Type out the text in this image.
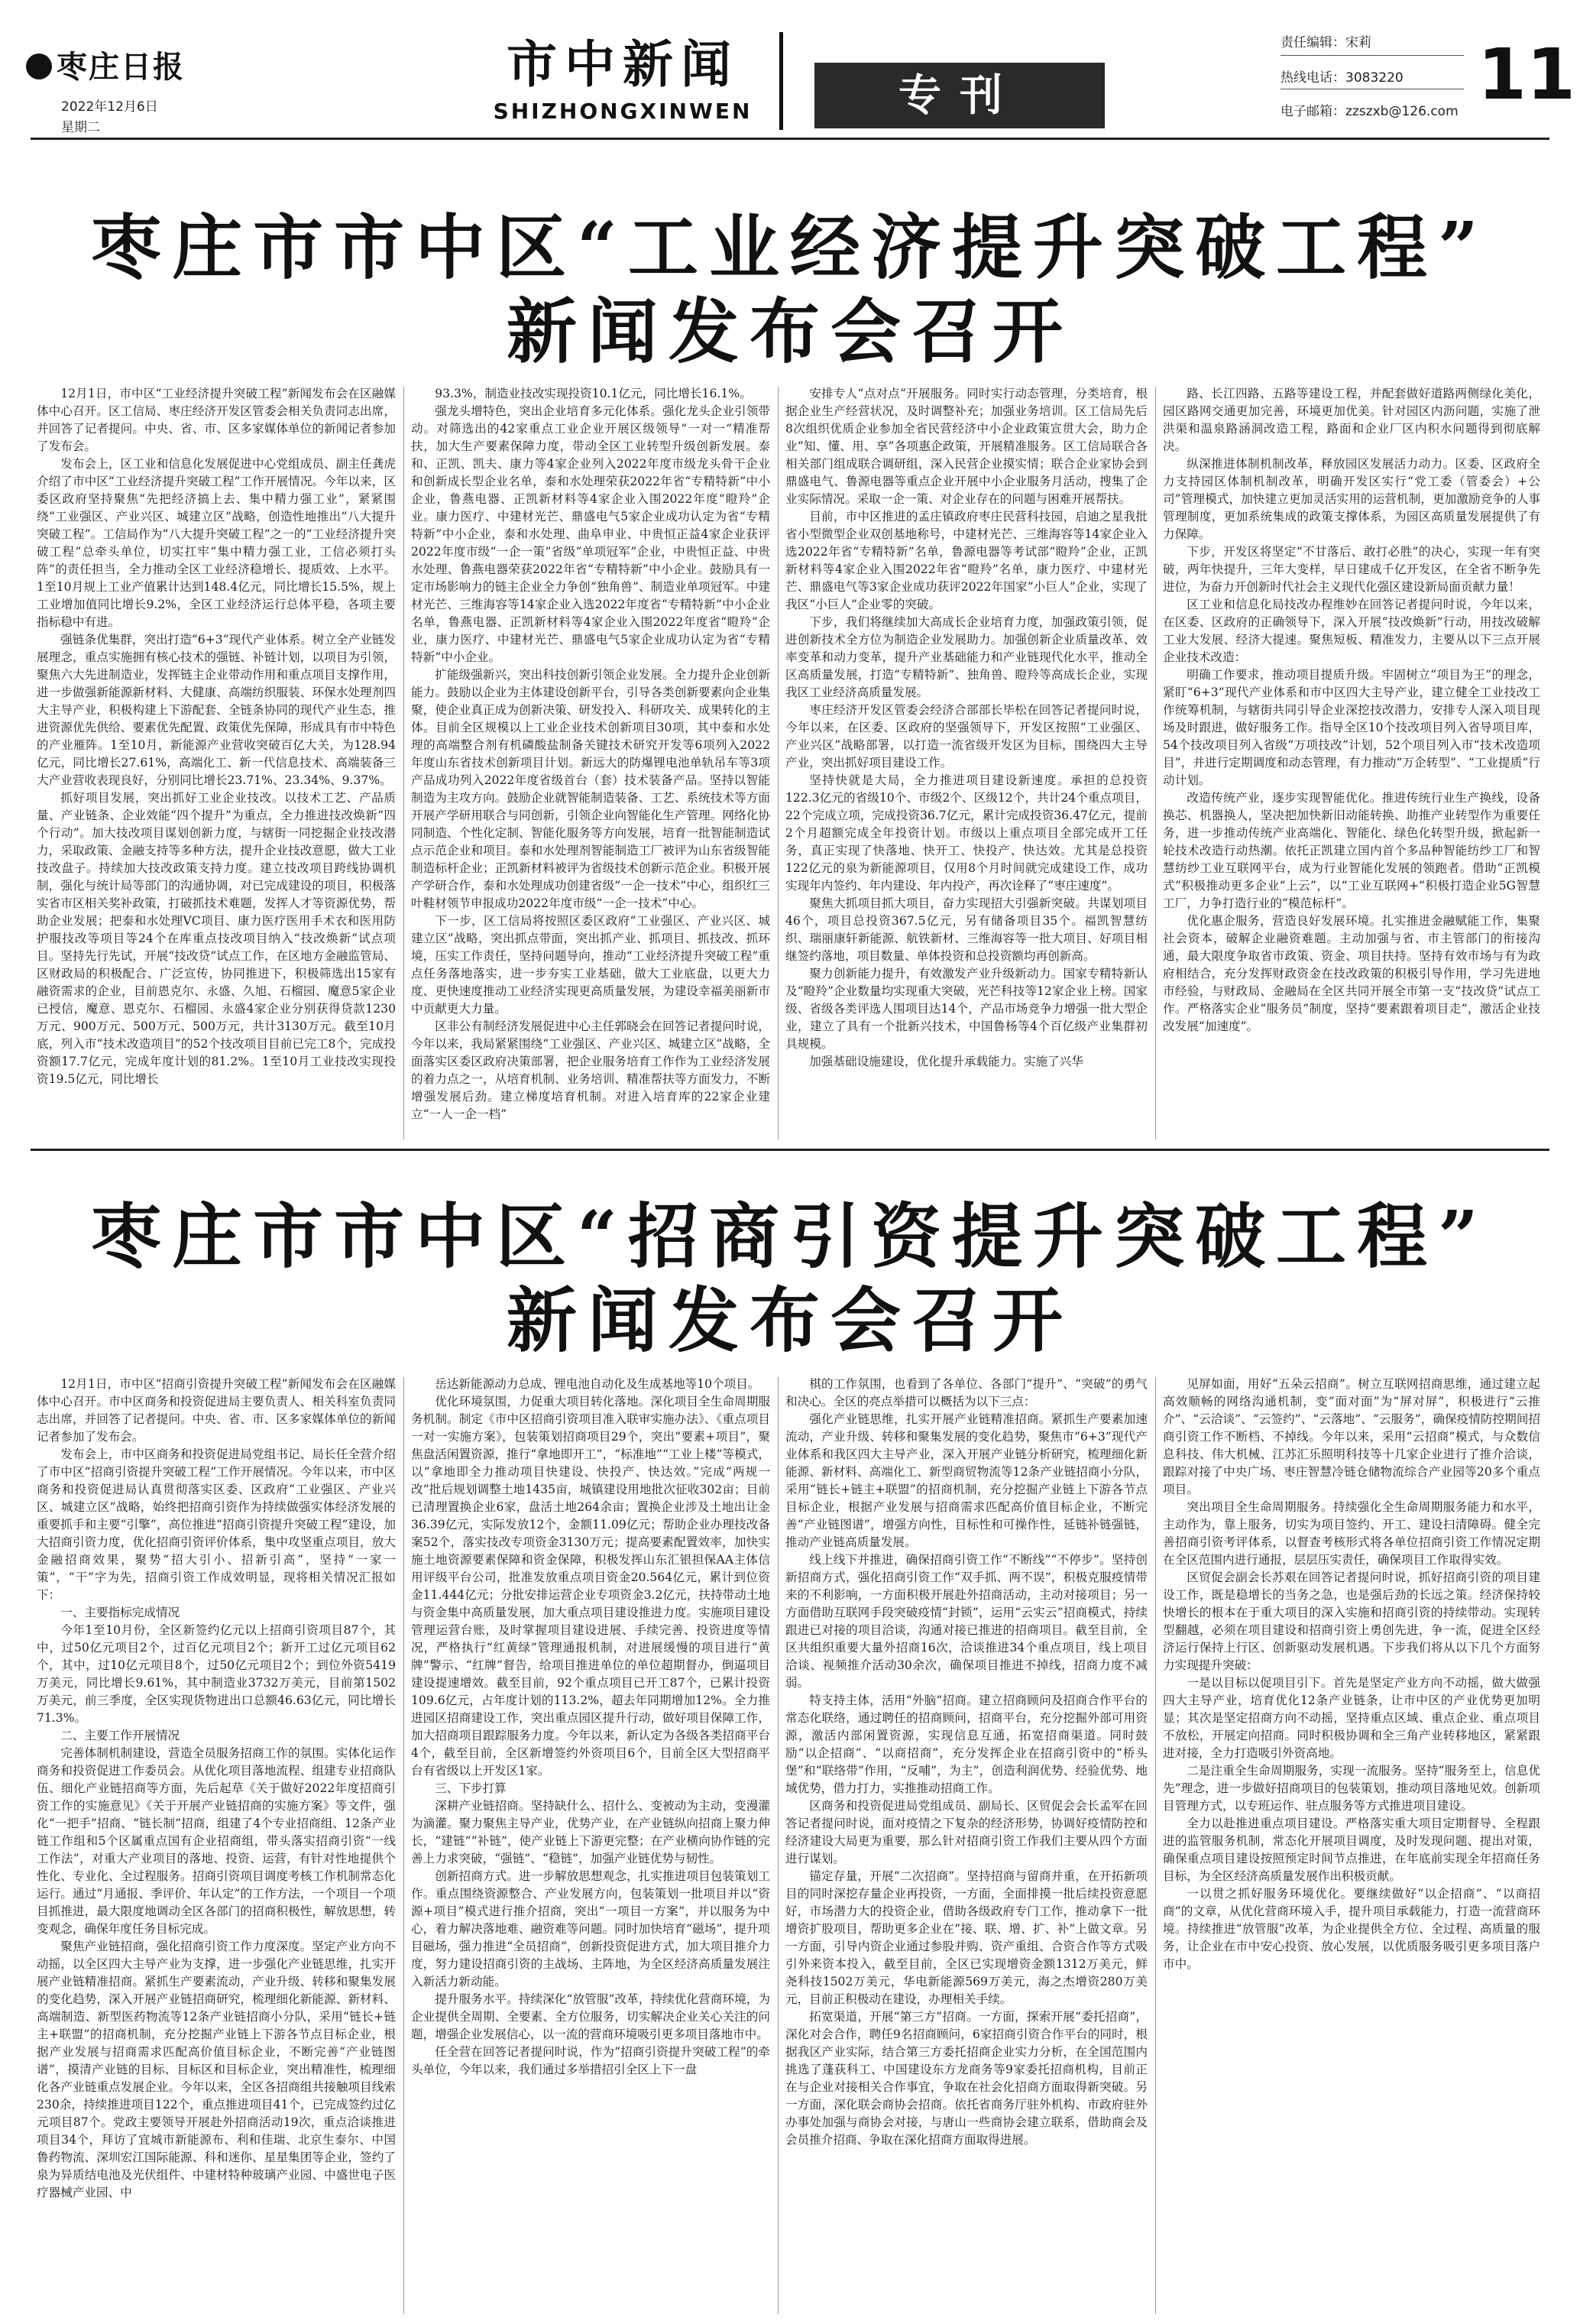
枣庄日报
2022年12月6日
星期二
市中新闻
SHIZHONGXINWEN	专刊
责任编辑：宋莉
热线电话：3083220
电子邮箱：zzszxb@126.com 11
枣庄市市中区“工业经济提升突破工程”
新闻发布会召开

12月1日，市中区“工业经济提升突破工程”新闻发布会在区融媒体中心召开。区工信局、枣庄经济开发区管委会相关负责同志出席，并回答了记者提问。中央、省、市、区多家媒体单位的新闻记者参加了发布会。

发布会上，区工业和信息化发展促进中心党组成员、副主任龚虎介绍了市中区“工业经济提升突破工程”工作开展情况。今年以来，区委区政府坚持聚焦“先把经济搞上去、集中精力强工业”，紧紧围绕“工业强区、产业兴区、城建立区”战略，创造性地推出“八大提升突破工程”。工信局作为“八大提升突破工程”之一的“工业经济提升突破工程”总牵头单位，切实扛牢“集中精力强工业，工信必须打头阵”的责任担当，全力推动全区工业经济稳增长、提质效、上水平。1至10月规上工业产值累计达到148.4亿元，同比增长15.5%，规上工业增加值同比增长9.2%，全区工业经济运行总体平稳，各项主要指标稳中有进。

强链条优集群，突出打造“6+3”现代产业体系。树立全产业链发展理念，重点实施拥有核心技术的强链、补链计划，以项目为引领，聚焦六大先进制造业，发挥链主企业带动作用和重点项目支撑作用，进一步做强新能源新材料、大健康、高端纺织服装、环保水处理剂四大主导产业，积极构建上下游配套、全链条协同的现代产业生态，推进资源优先供给、要素优先配置、政策优先保障，形成具有市中特色的产业雁阵。1至10月，新能源产业营收突破百亿大关，为128.94亿元，同比增长27.61%，高端化工、新一代信息技术、高端装备三大产业营收表现良好，分别同比增长23.71%、23.34%、9.37%。

抓好项目发展，突出抓好工业企业技改。以技术工艺、产品质量、产业链条、企业效能“四个提升”为重点，全力推进技改焕新“四个行动”。加大技改项目谋划创新力度，与辖街一同挖掘企业技改潜力，采取政策、金融支持等多种方法，提升企业技改意愿，做大工业技改盘子。持续加大技改政策支持力度。建立技改项目跨线协调机制，强化与统计局等部门的沟通协调，对已完成建设的项目，积极落实省市区相关奖补政策，打破抓技术难题，发挥人才等资源优势，帮助企业发展；把泰和水处理VC项目、康力医疗医用手术衣和医用防护服技改等项目等24个在库重点技改项目纳入“技改焕新”试点项目。坚持先行先试，开展“技改贷”试点工作，在区地方金融监管局、区财政局的积极配合、广泛宣传，协同推进下，积极筛选出15家有融资需求的企业，目前恩克尔、永盛、久旭、石榴园、魔意5家企业已授信，魔意、恩克尔、石榴园、永盛4家企业分别获得贷款1230万元、900万元、500万元、500万元，共计3130万元。截至10月底，列入市“技术改造项目”的52个技改项目目前已完工8个，完成投资额17.7亿元，完成年度计划的81.2%。1至10月工业技改实现投资19.5亿元，同比增长

93.3%，制造业技改实现投资10.1亿元，同比增长16.1%。

强龙头增特色，突出企业培育多元化体系。强化龙头企业引领带动。对筛选出的42家重点工业企业开展区级领导“一对一”精准帮扶，加大生产要素保障力度，带动全区工业转型升级创新发展。泰和、正凯、凯夫、康力等4家企业列入2022年度市级龙头骨干企业和创新成长型企业名单，泰和水处理荣获2022年省“专精特新”中小企业，鲁燕电器、正凯新材料等4家企业入围2022年度“瞪羚”企业。康力医疗、中建材光芒、鼎盛电气5家企业成功认定为省“专精特新”中小企业，泰和水处理、曲阜申业、中贵恒正益4家企业获评2022年度市级“一企一策”省级“单项冠军”企业，中贵恒正益、中贵水处理、鲁燕电器荣获2022年省“专精特新”中小企业。鼓励具有一定市场影响力的链主企业全力争创“独角兽”、制造业单项冠军。中建材光芒、三维海容等14家企业入选2022年度省“专精特新”中小企业名单，鲁燕电器、正凯新材料等4家企业入围2022年度省“瞪羚”企业，康力医疗、中建材光芒、鼎盛电气5家企业成功认定为省“专精特新”中小企业。

扩能级强新兴，突出科技创新引领企业发展。全力提升企业创新能力。鼓励以企业为主体建设创新平台，引导各类创新要素向企业集聚，使企业真正成为创新决策、研发投入、科研攻关、成果转化的主体。目前全区规模以上工业企业技术创新项目30项，其中泰和水处理的高端整合剂有机磷酸盐制备关键技术研究开发等6项列入2022年度山东省技术创新项目计划。新远大的防爆锂电池单轨吊车等3项产品成功列入2022年度省级首台（套）技术装备产品。坚持以智能制造为主攻方向。鼓励企业就智能制造装备、工艺、系统技术等方面开展产学研用联合与同创新，引领企业向智能化生产管理。网络化协同制造、个性化定制、智能化服务等方向发展，培育一批智能制造试点示范企业和项目。泰和水处理剂智能制造工厂被评为山东省级智能制造标杆企业；正凯新材料被评为省级技术创新示范企业。积极开展产学研合作，泰和水处理成功创建省级“一企一技术”中心，组织红三叶鞋材领节申报成功2022年度市级“一企一技术”中心。

下一步，区工信局将按照区委区政府“工业强区、产业兴区、城建立区”战略，突出抓点带面，突出抓产业、抓项目、抓技改、抓环境，压实工作责任，坚持问题导向，推动“工业经济提升突破工程”重点任务落地落实，进一步夯实工业基础，做大工业底盘，以更大力度、更快速度推动工业经济实现更高质量发展，为建设幸福美丽新市中贡献更大力量。

区非公有制经济发展促进中心主任郭晓会在回答记者提问时说，今年以来，我局紧紧围绕“工业强区、产业兴区、城建立区”战略，全面落实区委区政府决策部署，把企业服务培育工作作为工业经济发展的着力点之一，从培育机制、业务培训、精准帮扶等方面发力，不断增强发展后劲。建立梯度培育机制。对进入培育库的22家企业建立“一人一企一档”

安排专人“点对点”开展服务。同时实行动态管理，分类培育，根据企业生产经营状况，及时调整补充；加强业务培训。区工信局先后8次组织优质企业参加全省民营经济中小企业政策宣贯大会，助力企业“知、懂、用、享”各项惠企政策，开展精准服务。区工信局联合各相关部门组成联合调研组，深入民营企业摸实情；联合企业家协会到鼎盛电气、鲁源电器等重点企业开展中小企业服务月活动，搜集了企业实际情况。采取一企一策、对企业存在的问题与困难开展帮扶。

目前，市中区推进的孟庄镇政府枣庄民营科技园，启迪之星我批省小型微型企业双创基地称号，中建材光芒、三维海容等14家企业入选2022年省“专精特新”名单，鲁源电器等考试部“瞪羚”企业，正凯新材料等4家企业入围2022年省“瞪羚”名单，康力医疗、中建材光芒、鼎盛电气等3家企业成功获评2022年国家“小巨人”企业，实现了我区“小巨人”企业零的突破。

下步，我们将继续加大高成长企业培育力度，加强政策引领，促进创新技术全方位为制造企业发展助力。加强创新企业质量改革、效率变革和动力变革，提升产业基础能力和产业链现代化水平，推动全区高质量发展，打造“专精特新”、独角兽、瞪羚等高成长企业，实现我区工业经济高质量发展。

枣庄经济开发区管委会经济合部部长毕松在回答记者提问时说，今年以来，在区委、区政府的坚强领导下，开发区按照“工业强区、产业兴区”战略部署，以打造一流省级开发区为目标，围绕四大主导产业，突出抓好项目建设工作。

坚持快就是大局，全力推进项目建设新速度。承担的总投资122.3亿元的省级10个、市级2个、区级12个，共计24个重点项目，22个完成立项，完成投资36.7亿元，累计完成投资36.47亿元，提前2个月超额完成全年投资计划。市级以上重点项目全部完成开工任务，真正实现了快落地、快开工、快投产、快达效。尤其是总投资122亿元的泉为新能源项目，仅用8个月时间就完成建设工作，成功实现年内签约、年内建设、年内投产，再次诠释了“枣庄速度”。

聚焦大抓项目抓大项目，奋力实现招大引强新突破。共谋划项目46个，项目总投资367.5亿元，另有储备项目35个。福凯智慧纺织、瑞丽康轩新能源、航铁新材、三维海容等一批大项目、好项目相继签约落地，项目数量、单体投资和总投资额均再创新高。

聚力创新能力提升，有效激发产业升级新动力。国家专精特新认及“瞪羚”企业数量均实现重大突破，光芒科技等12家企业上榜。国家级、省级各类评选人围项目达14个，产品市场竞争力增强一批大型企业，建立了具有一个批新兴技术，中国鲁杨等4个百亿级产业集群初具规模。

加强基础设施建设，优化提升承载能力。实施了兴华

路、长江四路、五路等建设工程，并配套做好道路两侧绿化美化，园区路网交通更加完善，环境更加优美。针对园区内沥问题，实施了泄洪渠和温泉路涵洞改造工程，路面和企业厂区内积水问题得到彻底解决。

纵深推进体制机制改革，释放园区发展活力动力。区委、区政府全力支持园区体制机制改革，明确开发区实行“党工委（管委会）+公司”管理模式，加快建立更加灵活实用的运营机制，更加激励竞争的人事管理制度，更加系统集成的政策支撑体系，为园区高质量发展提供了有力保障。

下步，开发区将坚定“不甘落后、敢打必胜”的决心，实现一年有突破，两年快提升，三年大变样，早日建成千亿开发区，在全省不断争先进位，为奋力开创新时代社会主义现代化强区建设新局面贡献力量！

区工业和信息化局技改办程维妙在回答记者提问时说，今年以来，在区委、区政府的正确领导下，深入开展“技改焕新”行动，用技改破解工业大发展、经济大提速。聚焦短板、精准发力，主要从以下三点开展企业技术改造：

明确工作要求，推动项目提质升级。牢固树立“项目为王”的理念，紧盯“6+3”现代产业体系和市中区四大主导产业，建立健全工业技改工作统筹机制，与辖街共同引导企业深挖技改潜力，安排专人深入项目现场及时跟进，做好服务工作。指导全区10个技改项目列入省导项目库，54个技改项目列入省级“万项技改”计划，52个项目列入市“技术改造项目”，并进行定期调度和动态管理，有力推动“万企转型”、“工业提质”行动计划。

改造传统产业，逐步实现智能优化。推进传统行业生产换线，设备换芯、机器换人，坚决把加快新旧动能转换、助推产业转型作为重要任务，进一步推动传统产业高端化、智能化、绿色化转型升级，掀起新一轮技术改造行动热潮。依托正凯建立国内首个多品种智能纺纱工厂和智慧纺纱工业互联网平台，成为行业智能化发展的领跑者。借助“正凯模式”积极推动更多企业“上云”，以“工业互联网+”积极打造企业5G智慧工厂，力争打造行业的“模范标杆”。

优化惠企服务，营造良好发展环境。扎实推进金融赋能工作，集聚社会资本，破解企业融资难题。主动加强与省、市主管部门的衔接沟通，最大限度争取省市政策、资金、项目扶持。坚持有效市场与有为政府相结合，充分发挥财政资金在技改政策的积极引导作用，学习先进地市经验，与财政局、金融局在全区共同开展全市第一支“技改贷”试点工作。严格落实企业“服务员”制度，坚持“要素跟着项目走”，激活企业技改发展“加速度”。

枣庄市市中区“招商引资提升突破工程”
新闻发布会召开

12月1日，市中区“招商引资提升突破工程”新闻发布会在区融媒体中心召开。市中区商务和投资促进局主要负责人、相关科室负责同志出席，并回答了记者提问。中央、省、市、区多家媒体单位的新闻记者参加了发布会。

发布会上，市中区商务和投资促进局党组书记、局长任全营介绍了市中区“招商引资提升突破工程”工作开展情况。今年以来，市中区商务和投资促进局认真贯彻落实区委、区政府“工业强区、产业兴区、城建立区”战略，始终把招商引资作为持续做强实体经济发展的重要抓手和主要“引擎”，高位推进“招商引资提升突破工程”建设，加大招商引资力度，优化招商引资评价体系，集中攻坚重点项目，放大金融招商效果，聚势“招大引小、招新引高”，坚持“一家一策”，“干”字为先，招商引资工作成效明显，现将相关情况汇报如下：

一、主要指标完成情况

今年1至10月份，全区新签约亿元以上招商引资项目87个，其中，过50亿元项目2个，过百亿元项目2个；新开工过亿元项目62个，其中，过10亿元项目8个，过50亿元项目2个；到位外资5419万美元，同比增长9.61%，其中制造业3732万美元，目前第1502万美元，前三季度，全区实现货物进出口总额46.63亿元，同比增长71.3%。

二、主要工作开展情况

完善体制机制建设，营造全员服务招商工作的氛围。实体化运作商务和投资促进工作委员会。从优化项目落地流程、组建专业招商队伍、细化产业链招商等方面，先后起草《关于做好2022年度招商引资工作的实施意见》《关于开展产业链招商的实施方案》等文件，强化“一把手”招商、“链长制”招商，组建了4个专业招商组、12条产业链工作组和5个区属重点国有企业招商组，带头落实招商引资“一线工作法”，对重大产业项目的落地、投资、运营，有针对性地提供个性化、专业化、全过程服务。招商引资项目调度考核工作机制常态化运行。通过“月通报、季评价、年认定”的工作方法，一个项目一个项目抓推进，最大限度地调动全区各部门的招商积极性，解放思想，转变观念，确保年度任务目标完成。

聚焦产业链招商，强化招商引资工作力度深度。坚定产业方向不动摇，以全区四大主导产业为支撑，进一步强化产业链思维，扎实开展产业链精准招商。紧抓生产要素流动，产业升级、转移和聚集发展的变化趋势，深入开展产业链招商研究，梳理细化新能源、新材料、高端制造、新型医药物流等12条产业链招商小分队，采用“链长+链主+联盟”的招商机制，充分挖掘产业链上下游各节点目标企业，根据产业发展与招商需求匹配高价值目标企业，不断完善“产业链图谱”，摸清产业链的目标、目标区和目标企业，突出精准性，梳理细化各产业链重点发展企业。今年以来，全区各招商组共接触项目线索230余，持续推进项目122个，重点推进项目41个，已完成签约过亿元项目87个。党政主要领导开展赴外招商活动19次，重点洽谈推进项目34个，拜访了宜城市新能源布、利和佳瑞、北京生泰尔、中国鲁药物流、深圳宏江国际能源、科和迷你、星星集团等企业，签约了泉为异质结电池及光伏组件、中建材特种玻璃产业园、中盛世电子医疗器械产业园、中

岳达新能源动力总成、锂电池自动化及生成基地等10个项目。

优化环境氛围，力促重大项目转化落地。深化项目全生命周期服务机制。制定《市中区招商引资项目准入联审实施办法》、《重点项目一对一实施方案》，包装策划招商项目29个，突出“要素+项目”，聚焦盘活闲置资源，推行“拿地即开工”，“标准地”“工业上楼”等模式，以“拿地即全力推动项目快建设、快投产、快达效。”完成“两规一改”批后规划调整土地1435亩，城镇建设用地批次征收302亩；目前已清理置换企业6家，盘活土地264余亩；置换企业涉及土地出让金36.39亿元，实际发放12个，金额11.09亿元；帮助企业办理技改备案52个，落实技改专项资金3130万元；提高要素配置效率，加快实施土地资源要素保障和资金保障，积极发挥山东汇银担保AA主体信用评级平台公司，批准发放重点项目资金20.564亿元，累计到位资金11.444亿元；分批安排运营企业专项资金3.2亿元，扶持带动土地与资金集中高质量发展，加大重点项目建设推进力度。实施项目建设管理运营台账，及时掌握项目建设进展、手续完善、投资进度等情况，严格执行“红黄绿”管理通报机制，对进展缓慢的项目进行“黄牌”警示、“红牌”督告，给项目推进单位的单位超期督办，倒逼项目建设提速增效。截至目前，92个重点项目已开工87个，已累计投资109.6亿元，占年度计划的113.2%，超去年同期增加12%。全力推进园区招商建设工作，突出重点园区提升行动，做好项目保障工作，加大招商项目跟踪服务力度。今年以来，新认定为各级各类招商平台4个，截至目前，全区新增签约外资项目6个，目前全区大型招商平台有省级以上开发区1家。

三、下步打算

深耕产业链招商。坚持缺什么、招什么、变被动为主动，变漫灌为滴灌。聚力聚焦主导产业，优势产业，在产业链纵向招商上聚力伸长，“建链”“补链”，使产业链上下游更完整；在产业横向协作链的完善上力求突破，“强链”、“稳链”，加强产业链优势与韧性。

创新招商方式。进一步解放思想观念，扎实推进项目包装策划工作。重点围绕资源整合、产业发展方向，包装策划一批项目并以“资源+项目”模式进行推介招商，突出“一项目一方案”，并以服务为中心，着力解决落地难、融资难等问题。同时加快培育“磁场”，提升项目磁场，强力推进“全员招商”，创新投资促进方式，加大项目推介力度，努力建设招商引资的主战场、主阵地，为全区经济高质量发展注入新活力新动能。

提升服务水平。持续深化“放管服”改革，持续优化营商环境，为企业提供全周期、全要素、全方位服务，切实解决企业关心关注的问题，增强企业发展信心，以一流的营商环境吸引更多项目落地市中。

任全营在回答记者提问时说，作为“招商引资提升突破工程”的牵头单位，今年以来，我们通过多举措招引全区上下一盘

棋的工作氛围，也看到了各单位、各部门“提升”、“突破”的勇气和决心。全区的亮点举措可以概括为以下三点：

强化产业链思维，扎实开展产业链精准招商。紧抓生产要素加速流动，产业升级、转移和聚集发展的变化趋势，聚焦市“6+3”现代产业体系和我区四大主导产业，深入开展产业链分析研究，梳理细化新能源、新材料、高端化工、新型商贸物流等12条产业链招商小分队，采用“链长+链主+联盟”的招商机制，充分挖掘产业链上下游各节点目标企业，根据产业发展与招商需求匹配高价值目标企业，不断完善“产业链图谱”，增强方向性，目标性和可操作性，延链补链强链，推动产业链高质量发展。

线上线下并推进，确保招商引资工作“不断线”“不停步”。坚持创新招商方式，强化招商引资工作“双手抓、两不误”，积极克服疫情带来的不利影响，一方面积极开展赴外招商活动，主动对接项目；另一方面借助互联网手段突破疫情“封锁”，运用“云实云”招商模式，持续跟进已对接的项目洽谈，沟通对接已推进的招商项目。截至目前，全区共组织重要大量外招商16次，洽谈推进34个重点项目，线上项目洽谈、视频推介活动30余次，确保项目推进不掉线，招商力度不减弱。

特支持主体，活用“外脑”招商。建立招商顾问及招商合作平台的常态化联络，通过聘任的招商顾问，招商平台，充分挖掘外部可用资源，激活内部闲置资源，实现信息互通，拓宽招商渠道。同时鼓励“以企招商”、“以商招商”，充分发挥企业在招商引资中的“桥头堡”和“联络带”作用，“反哺”，为主”，创造利润优势、经验优势、地域优势，借力打力，实推推动招商工作。

区商务和投资促进局党组成员、副局长、区贸促会会长孟军在回答记者提问时说，面对疫情之下复杂的经济形势，协调好疫情防控和经济建设大局更为重要，那么针对招商引资工作我们主要从四个方面进行谋划。

锚定存量，开展“二次招商”。坚持招商与留商并重，在开拓新项目的同时深挖存量企业再投资，一方面，全面排摸一批后续投资意愿好，市场潜力大的投资企业，借助各级政府专门工作，推动拿下一批增资扩股项目，帮助更多企业在“接、联、增、扩、补”上做文章。另一方面，引导内资企业通过参股并购、资产重组、合资合作等方式吸引外来资本投入，截至目前，全区已实现增资金额1312万美元，鲜尧科技1502万美元，华电新能源569万美元，海之杰增资280万美元，目前正积极动在建设，办理相关手续。

拓宽渠道，开展“第三方”招商。一方面，探索开展“委托招商”，深化对会合作，聘任9名招商顾问，6家招商引资合作平台的同时，根据我区产业实际，结合第三方委托招商企业实力分析，在全国范围内挑选了蓬荻科工、中国建设东方龙商务等9家委托招商机构，目前正在与企业对接相关合作事宜，争取在社会化招商方面取得新突破。另一方面，深化联会商协会招商。依托省商务厅驻外机构、市政府驻外办事处加强与商协会对接，与唐山一些商协会建立联系，借助商会及会员推介招商、争取在深化招商方面取得进展。

见屏如面，用好“五朵云招商”。树立互联网招商思维，通过建立起高效顺畅的网络沟通机制，变“面对面”为“屏对屏”，积极进行“云推介”、“云洽谈”、“云签约”、“云落地”、“云服务”，确保疫情防控期间招商引资工作不断档、不掉线。今年以来，采用“云招商”模式，与众数信息科技、伟大机械、江苏汇乐照明科技等十几家企业进行了推介洽谈，跟踪对接了中央广场、枣庄智慧冷链仓储物流综合产业园等20多个重点项目。

突出项目全生命周期服务。持续强化全生命周期服务能力和水平，主动作为，靠上服务，切实为项目签约、开工、建设扫清障碍。健全完善招商引资考评体系，以督查考核形式将各单位招商引资工作情况定期在全区范围内进行通报，层层压实责任，确保项目工作取得实效。

区贸促会副会长苏艰在回答记者提问时说，抓好招商引资的项目建设工作，既是稳增长的当务之急，也是强后劲的长远之策。经济保持较快增长的根本在于重大项目的深入实施和招商引资的持续带动。实现转型翻越，必须在项目建设和招商引资上勇创先进，争一流，促进全区经济运行保持上行区、创新驱动发展机遇。下步我们将从以下几个方面努力实现提升突破：

一是以目标以促项目引下。首先是坚定产业方向不动摇，做大做强四大主导产业，培育优化12条产业链条，让市中区的产业优势更加明显；其次是坚定招商方向不动摇，坚持重点区域、重点企业、重点项目不放松，开展定向招商。同时积极协调和全三角产业转移地区，紧紧跟进对接，全力打造吸引外资高地。

二是注重全生命周期服务，实现一流服务。坚持“服务至上，信息优先”理念，进一步做好招商项目的包装策划，推动项目落地见效。创新项目管理方式，以专班运作、驻点服务等方式推进项目建设。

全力以赴推进重点项目建设。严格落实重大项目定期督导、全程跟进的监管服务机制，常态化开展项目调度，及时发现问题、提出对策，确保重点项目建设按照预定时间节点推进，在年底前实现全年招商任务目标，为全区经济高质量发展作出积极贡献。

一以贯之抓好服务环境优化。要继续做好“以企招商”、“以商招商”的文章，从优化营商环境入手，提升项目承载能力，打造一流营商环境。持续推进“放管服”改革，为企业提供全方位、全过程、高质量的服务，让企业在市中安心投资、放心发展，以优质服务吸引更多项目落户市中。
